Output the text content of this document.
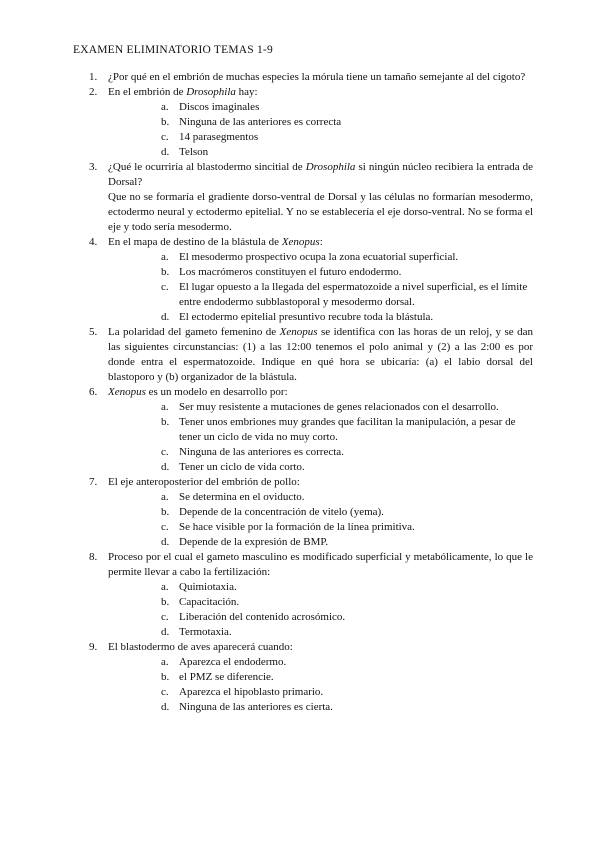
EXAMEN ELIMINATORIO TEMAS 1-9
1. ¿Por qué en el embrión de muchas especies la mórula tiene un tamaño semejante al del cigoto?
2. En el embrión de Drosophila hay:
a. Discos imaginales
b. Ninguna de las anteriores es correcta
c. 14 parasegmentos
d. Telson
3. ¿Qué le ocurriría al blastodermo sincitial de Drosophila si ningún núcleo recibiera la entrada de Dorsal?
Que no se formaría el gradiente dorso-ventral de Dorsal y las células no formarían mesodermo, ectodermo neural y ectodermo epitelial. Y no se establecería el eje dorso-ventral. No se forma el eje y todo sería mesodermo.
4. En el mapa de destino de la blástula de Xenopus:
a. El mesodermo prospectivo ocupa la zona ecuatorial superficial.
b. Los macrómeros constituyen el futuro endodermo.
c. El lugar opuesto a la llegada del espermatozoide a nivel superficial, es el límite entre endodermo subblastoporal y mesodermo dorsal.
d. El ectodermo epitelial presuntivo recubre toda la blástula.
5. La polaridad del gameto femenino de Xenopus se identifica con las horas de un reloj, y se dan las siguientes circunstancias: (1) a las 12:00 tenemos el polo animal y (2) a las 2:00 es por donde entra el espermatozoide. Indique en qué hora se ubicaría: (a) el labio dorsal del blastoporo y (b) organizador de la blástula.
6. Xenopus es un modelo en desarrollo por:
a. Ser muy resistente a mutaciones de genes relacionados con el desarrollo.
b. Tener unos embriones muy grandes que facilitan la manipulación, a pesar de tener un ciclo de vida no muy corto.
c. Ninguna de las anteriores es correcta.
d. Tener un ciclo de vida corto.
7. El eje anteroposterior del embrión de pollo:
a. Se determina en el oviducto.
b. Depende de la concentración de vitelo (yema).
c. Se hace visible por la formación de la línea primitiva.
d. Depende de la expresión de BMP.
8. Proceso por el cual el gameto masculino es modificado superficial y metabólicamente, lo que le permite llevar a cabo la fertilización:
a. Quimiotaxia.
b. Capacitación.
c. Liberación del contenido acrosómico.
d. Termotaxia.
9. El blastodermo de aves aparecerá cuando:
a. Aparezca el endodermo.
b. el PMZ se diferencie.
c. Aparezca el hipoblasto primario.
d. Ninguna de las anteriores es cierta.
